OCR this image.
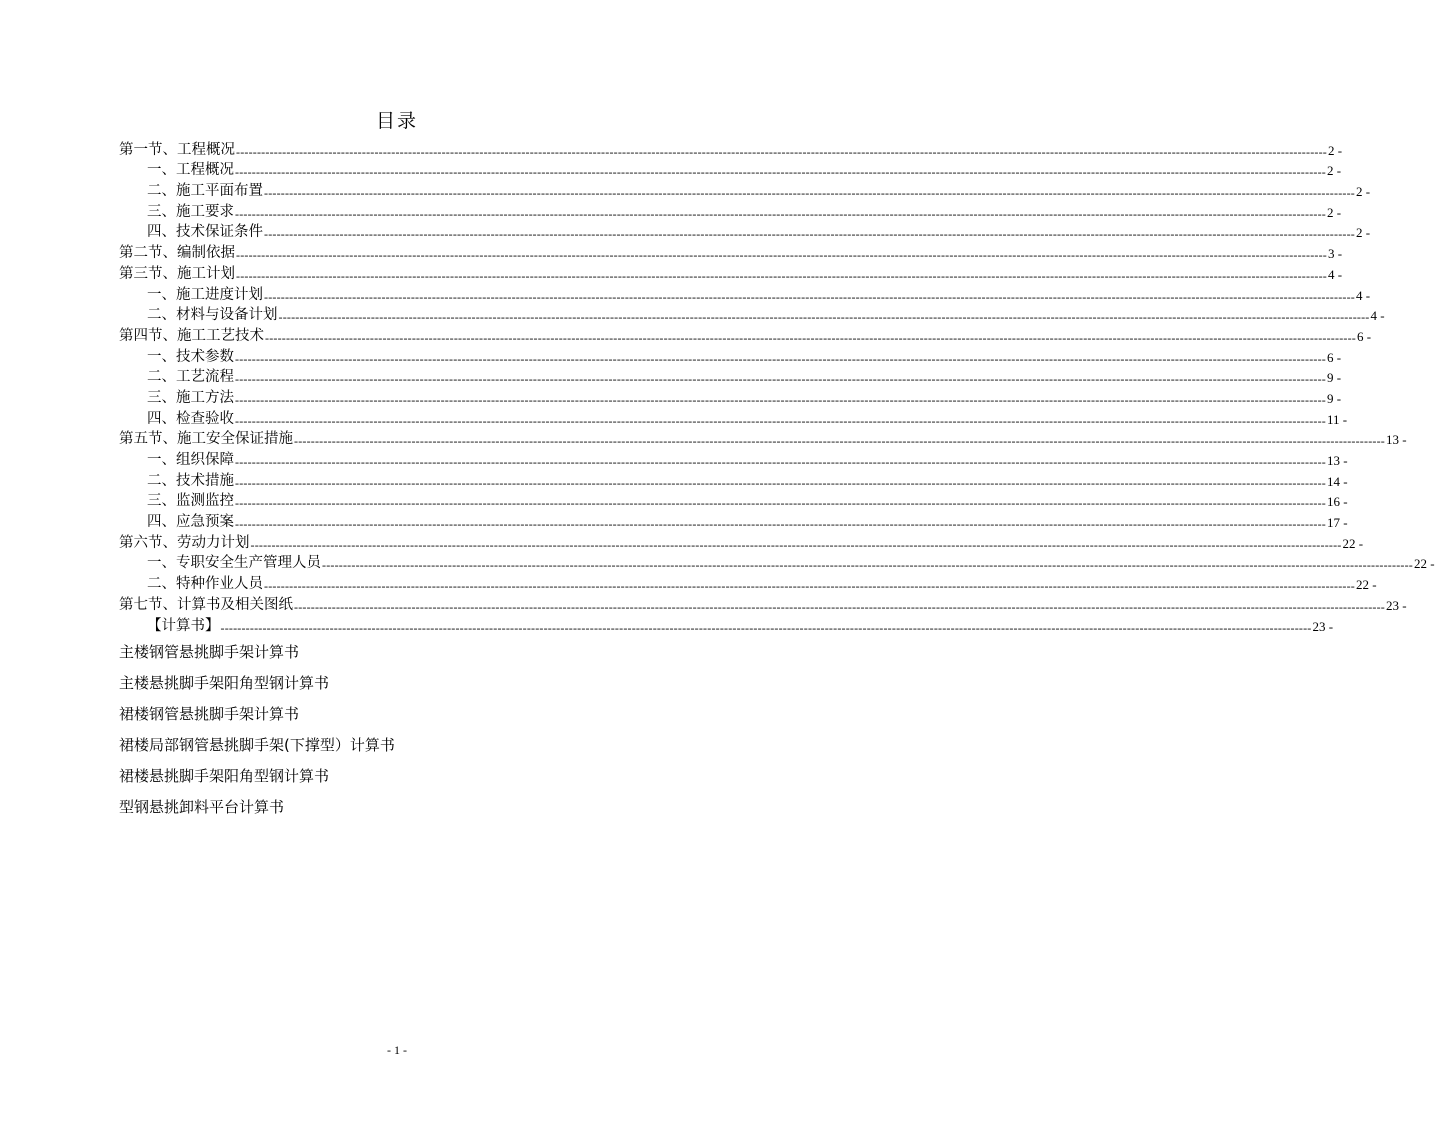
目录
第一节、工程概况 -------------------------------------------------------------------------------------------------------------------------------------------------------------------------------------------------------------------------------------------------------------------- 2 -
一、工程概况 -------------------------------------------------------------------------------------------------------------------------------------------------------------------------------------------------------------------------------------------------------------------- 2 -
二、施工平面布置 -------------------------------------------------------------------------------------------------------------------------------------------------------------------------------------------------------------------------------------------------------------------- 2 -
三、施工要求 -------------------------------------------------------------------------------------------------------------------------------------------------------------------------------------------------------------------------------------------------------------------- 2 -
四、技术保证条件 -------------------------------------------------------------------------------------------------------------------------------------------------------------------------------------------------------------------------------------------------------------------- 2 -
第二节、编制依据 -------------------------------------------------------------------------------------------------------------------------------------------------------------------------------------------------------------------------------------------------------------------- 3 -
第三节、施工计划 -------------------------------------------------------------------------------------------------------------------------------------------------------------------------------------------------------------------------------------------------------------------- 4 -
一、施工进度计划 -------------------------------------------------------------------------------------------------------------------------------------------------------------------------------------------------------------------------------------------------------------------- 4 -
二、材料与设备计划 -------------------------------------------------------------------------------------------------------------------------------------------------------------------------------------------------------------------------------------------------------------------- 4 -
第四节、施工工艺技术 -------------------------------------------------------------------------------------------------------------------------------------------------------------------------------------------------------------------------------------------------------------------- 6 -
一、技术参数 -------------------------------------------------------------------------------------------------------------------------------------------------------------------------------------------------------------------------------------------------------------------- 6 -
二、工艺流程 -------------------------------------------------------------------------------------------------------------------------------------------------------------------------------------------------------------------------------------------------------------------- 9 -
三、施工方法 -------------------------------------------------------------------------------------------------------------------------------------------------------------------------------------------------------------------------------------------------------------------- 9 -
四、检查验收 -------------------------------------------------------------------------------------------------------------------------------------------------------------------------------------------------------------------------------------------------------------------- 11 -
第五节、施工安全保证措施 -------------------------------------------------------------------------------------------------------------------------------------------------------------------------------------------------------------------------------------------------------------------- 13 -
一、组织保障 -------------------------------------------------------------------------------------------------------------------------------------------------------------------------------------------------------------------------------------------------------------------- 13 -
二、技术措施 -------------------------------------------------------------------------------------------------------------------------------------------------------------------------------------------------------------------------------------------------------------------- 14 -
三、监测监控 -------------------------------------------------------------------------------------------------------------------------------------------------------------------------------------------------------------------------------------------------------------------- 16 -
四、应急预案 -------------------------------------------------------------------------------------------------------------------------------------------------------------------------------------------------------------------------------------------------------------------- 17 -
第六节、劳动力计划 -------------------------------------------------------------------------------------------------------------------------------------------------------------------------------------------------------------------------------------------------------------------- 22 -
一、专职安全生产管理人员 -------------------------------------------------------------------------------------------------------------------------------------------------------------------------------------------------------------------------------------------------------------------- 22 -
二、特种作业人员 -------------------------------------------------------------------------------------------------------------------------------------------------------------------------------------------------------------------------------------------------------------------- 22 -
第七节、计算书及相关图纸 -------------------------------------------------------------------------------------------------------------------------------------------------------------------------------------------------------------------------------------------------------------------- 23 -
【计算书】 -------------------------------------------------------------------------------------------------------------------------------------------------------------------------------------------------------------------------------------------------------------------- 23 -
主楼钢管悬挑脚手架计算书
主楼悬挑脚手架阳角型钢计算书
裙楼钢管悬挑脚手架计算书
裙楼局部钢管悬挑脚手架(下撑型）计算书
裙楼悬挑脚手架阳角型钢计算书
型钢悬挑卸料平台计算书
- 1 -
